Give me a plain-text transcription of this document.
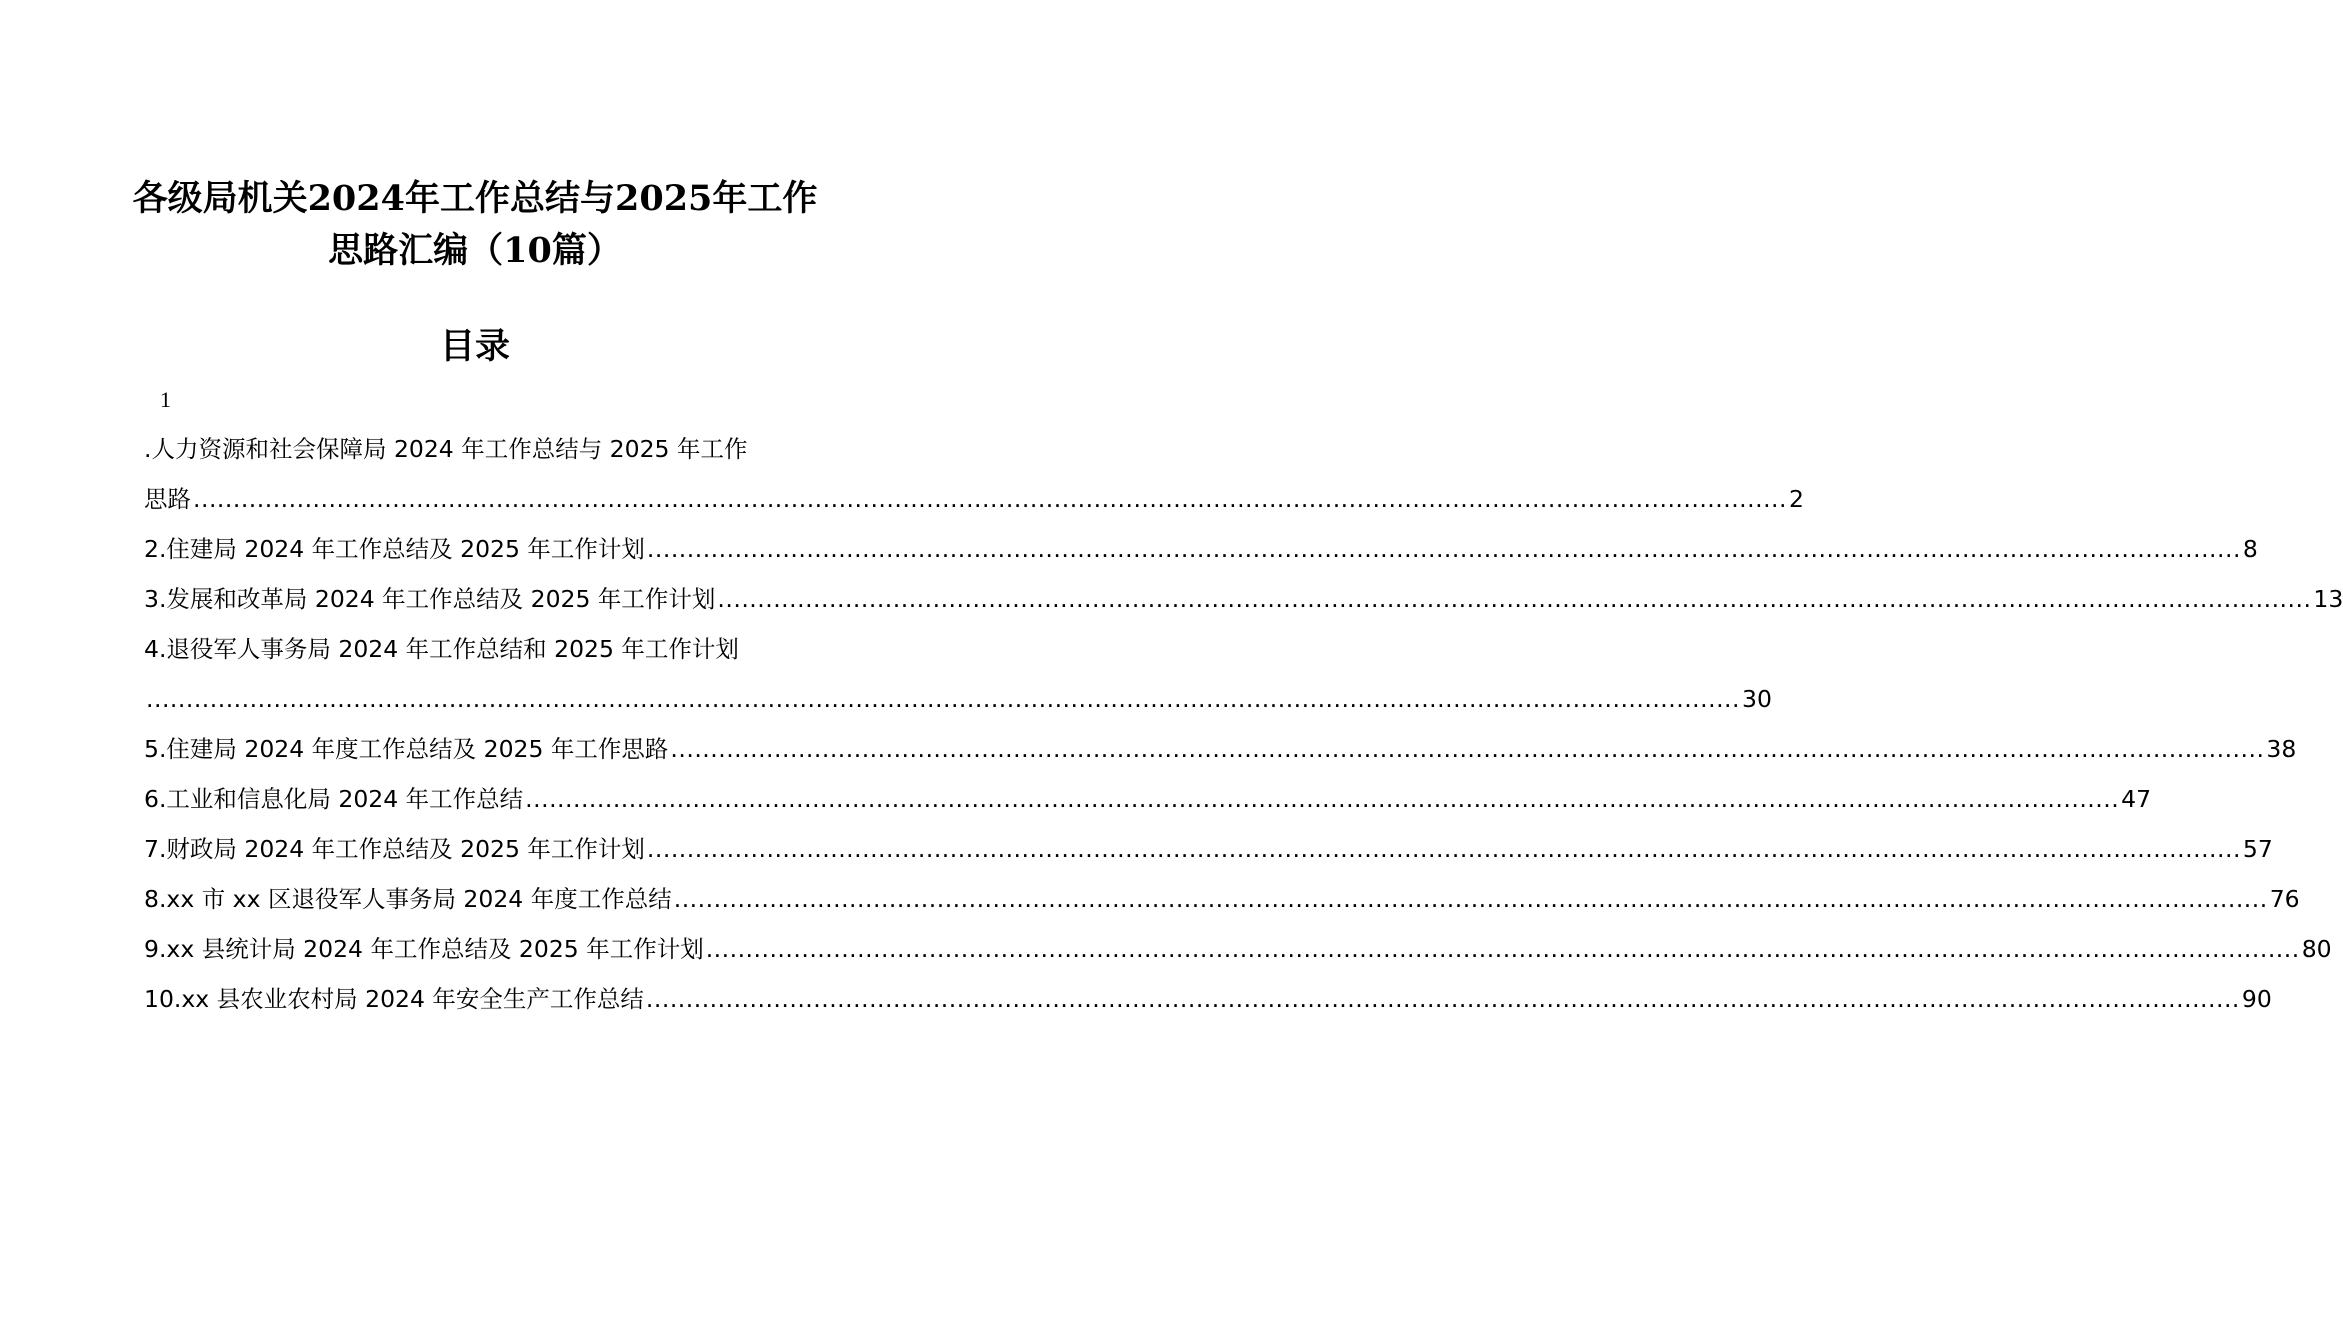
各级局机关2024年工作总结与2025年工作
思路汇编（10篇）
目录
1
.人力资源和社会保障局 2024 年工作总结与 2025 年工作
思路 ........................................................................................................................................................................................................ 2
2.住建局 2024 年工作总结及 2025 年工作计划 ........................................................................................................................................................................................................ 8
3.发展和改革局 2024 年工作总结及 2025 年工作计划 ........................................................................................................................................................................................................ 13
4.退役军人事务局 2024 年工作总结和 2025 年工作计划
........................................................................................................................................................................................................ 30
5.住建局 2024 年度工作总结及 2025 年工作思路 ........................................................................................................................................................................................................ 38
6.工业和信息化局 2024 年工作总结 ........................................................................................................................................................................................................ 47
7.财政局 2024 年工作总结及 2025 年工作计划 ........................................................................................................................................................................................................ 57
8.xx 市 xx 区退役军人事务局 2024 年度工作总结 ........................................................................................................................................................................................................ 76
9.xx 县统计局 2024 年工作总结及 2025 年工作计划 ........................................................................................................................................................................................................ 80
10.xx 县农业农村局 2024 年安全生产工作总结 ........................................................................................................................................................................................................ 90
